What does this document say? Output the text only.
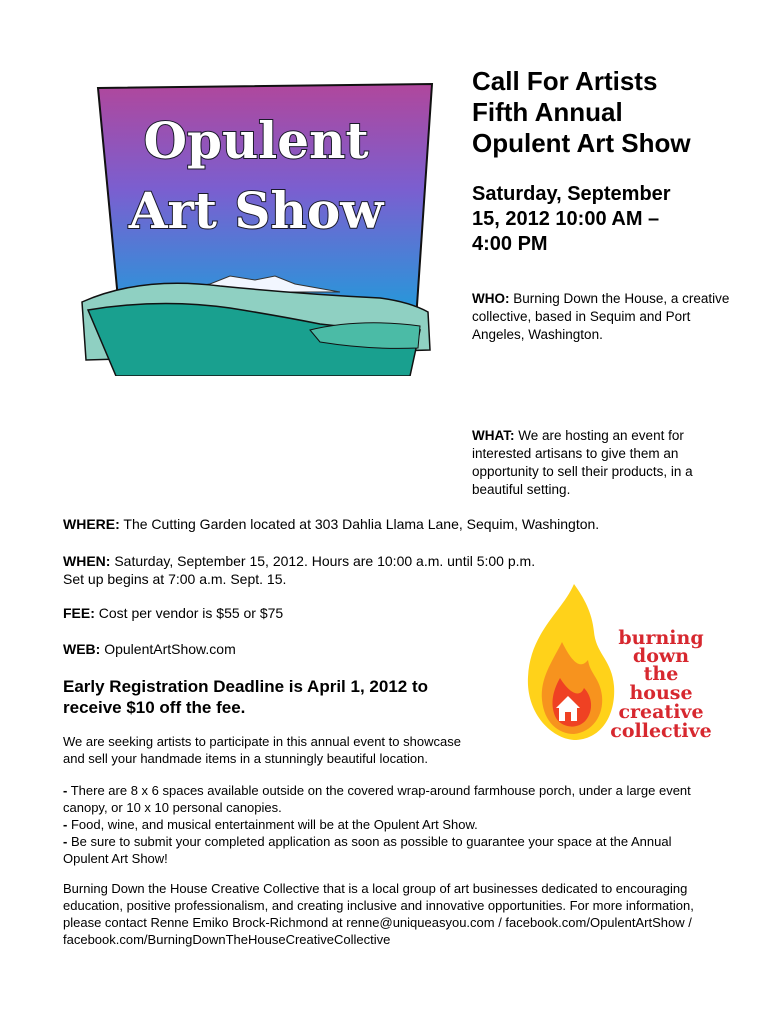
Opulent
Art Show
Call For Artists
Fifth Annual
Opulent Art Show
Saturday, September
15, 2012 10:00 AM –
4:00 PM
WHO: Burning Down the House, a creative collective, based in Sequim and Port Angeles, Washington.
WHAT: We are hosting an event for interested artisans to give them an opportunity to sell their products, in a beautiful setting.
WHERE: The Cutting Garden located at 303 Dahlia Llama Lane, Sequim, Washington.
WHEN: Saturday, September 15, 2012. Hours are 10:00 a.m. until 5:00 p.m.
Set up begins at 7:00 a.m. Sept. 15.
FEE: Cost per vendor is $55 or $75
WEB: OpulentArtShow.com
Early Registration Deadline is April 1, 2012 to
receive $10 off the fee.
We are seeking artists to participate in this annual event to showcase
and sell your handmade items in a stunningly beautiful location.
- There are 8 x 6 spaces available outside on the covered wrap-around farmhouse porch, under a large event canopy, or 10 x 10 personal canopies.
- Food, wine, and musical entertainment will be at the Opulent Art Show.
- Be sure to submit your completed application as soon as possible to guarantee your space at the Annual Opulent Art Show!
Burning Down the House Creative Collective that is a local group of art businesses dedicated to encouraging education, positive professionalism, and creating inclusive and innovative opportunities. For more information, please contact Renne Emiko Brock-Richmond at renne@uniqueasyou.com / facebook.com/OpulentArtShow / facebook.com/BurningDownTheHouseCreativeCollective
burning
down
the
house
creative
collective
